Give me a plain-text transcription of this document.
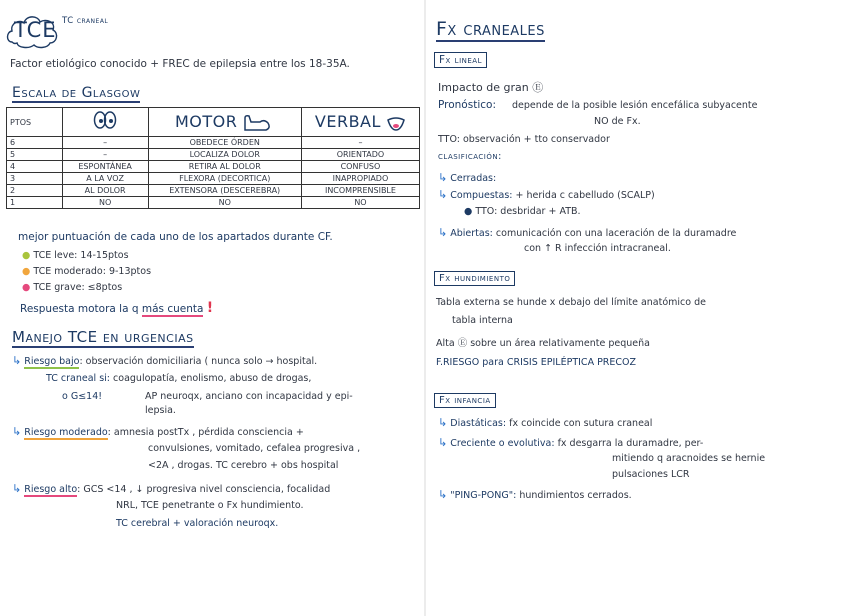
TCE TC craneal
Factor etiológico conocido + FREC de epilepsia entre los 18-35A.
Escala de Glasgow
PTOS		MOTOR	VERBAL
6	–	OBEDECE ÓRDEN	–
5	–	LOCALIZA DOLOR	ORIENTADO
4	ESPONTÁNEA	RETIRA AL DOLOR	CONFUSO
3	A LA VOZ	FLEXORA (DECORTICA)	INAPROPIADO
2	AL DOLOR	EXTENSORA (DESCEREBRA)	INCOMPRENSIBLE
1	NO	NO	NO
mejor puntuación de cada uno de los apartados durante CF.
● TCE leve: 14-15ptos
● TCE moderado: 9-13ptos
● TCE grave: ≤8ptos
Respuesta motora la q más cuenta !
Manejo TCE en urgencias
↳ Riesgo bajo: observación domiciliaria ( nunca solo → hospital.
TC craneal si: coagulopatía, enolismo, abuso de drogas,
o G≤14!	AP neuroqx, anciano con incapacidad y epi-
lepsia.
↳ Riesgo moderado: amnesia postTx , pérdida consciencia +
convulsiones, vomitado, cefalea progresiva ,
<2A , drogas. TC cerebro + obs hospital
↳ Riesgo alto: GCS <14 , ↓ progresiva nivel consciencia, focalidad
NRL, TCE penetrante o Fx hundimiento.
TC cerebral + valoración neuroqx.
Fx craneales
Fx lineal
Impacto de gran Ⓔ
Pronóstico: depende de la posible lesión encefálica subyacente
NO de Fx.
TTO: observación + tto conservador
clasificación:
↳ Cerradas:
↳ Compuestas: + herida c cabelludo (SCALP)
● TTO: desbridar + ATB.
↳ Abiertas: comunicación con una laceración de la duramadre
con ↑ R infección intracraneal.
Fx hundimiento
Tabla externa se hunde x debajo del límite anatómico de
tabla interna
Alta Ⓔ sobre un área relativamente pequeña
F.RIESGO para CRISIS EPILÉPTICA PRECOZ
Fx infancia
↳ Diastáticas: fx coincide con sutura craneal
↳ Creciente o evolutiva: fx desgarra la duramadre, per-
mitiendo q aracnoides se hernie
pulsaciones LCR
↳ "PING-PONG": hundimientos cerrados.
